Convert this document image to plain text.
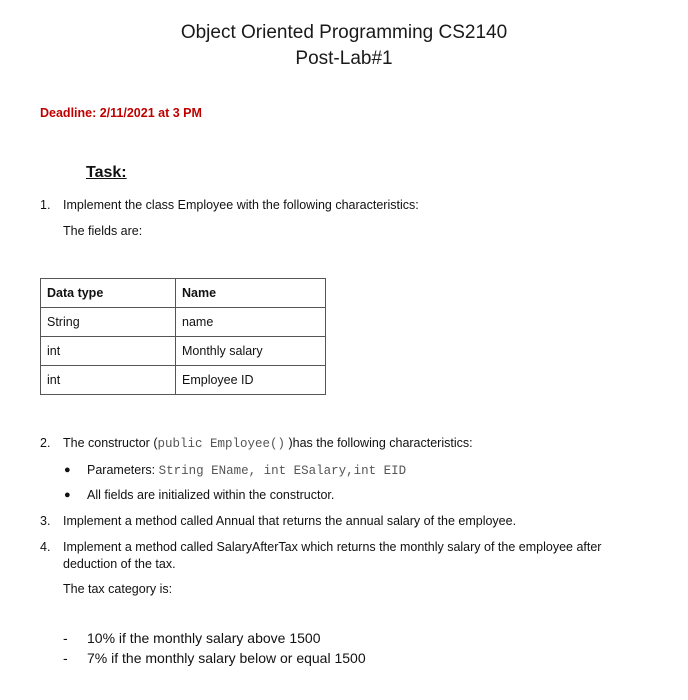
Object Oriented Programming CS2140
Post-Lab#1
Deadline: 2/11/2021 at 3 PM
Task:
1. Implement the class Employee with the following characteristics:
The fields are:
Data type	Name
String	name
int	Monthly salary
int	Employee ID
2. The constructor (public Employee() )has the following characteristics:
● Parameters: String EName, int ESalary,int EID
● All fields are initialized within the constructor.
3. Implement a method called Annual that returns the annual salary of the employee.
4. Implement a method called SalaryAfterTax which returns the monthly salary of the employee after
deduction of the tax.
The tax category is:
- 10% if the monthly salary above 1500
- 7% if the monthly salary below or equal 1500
